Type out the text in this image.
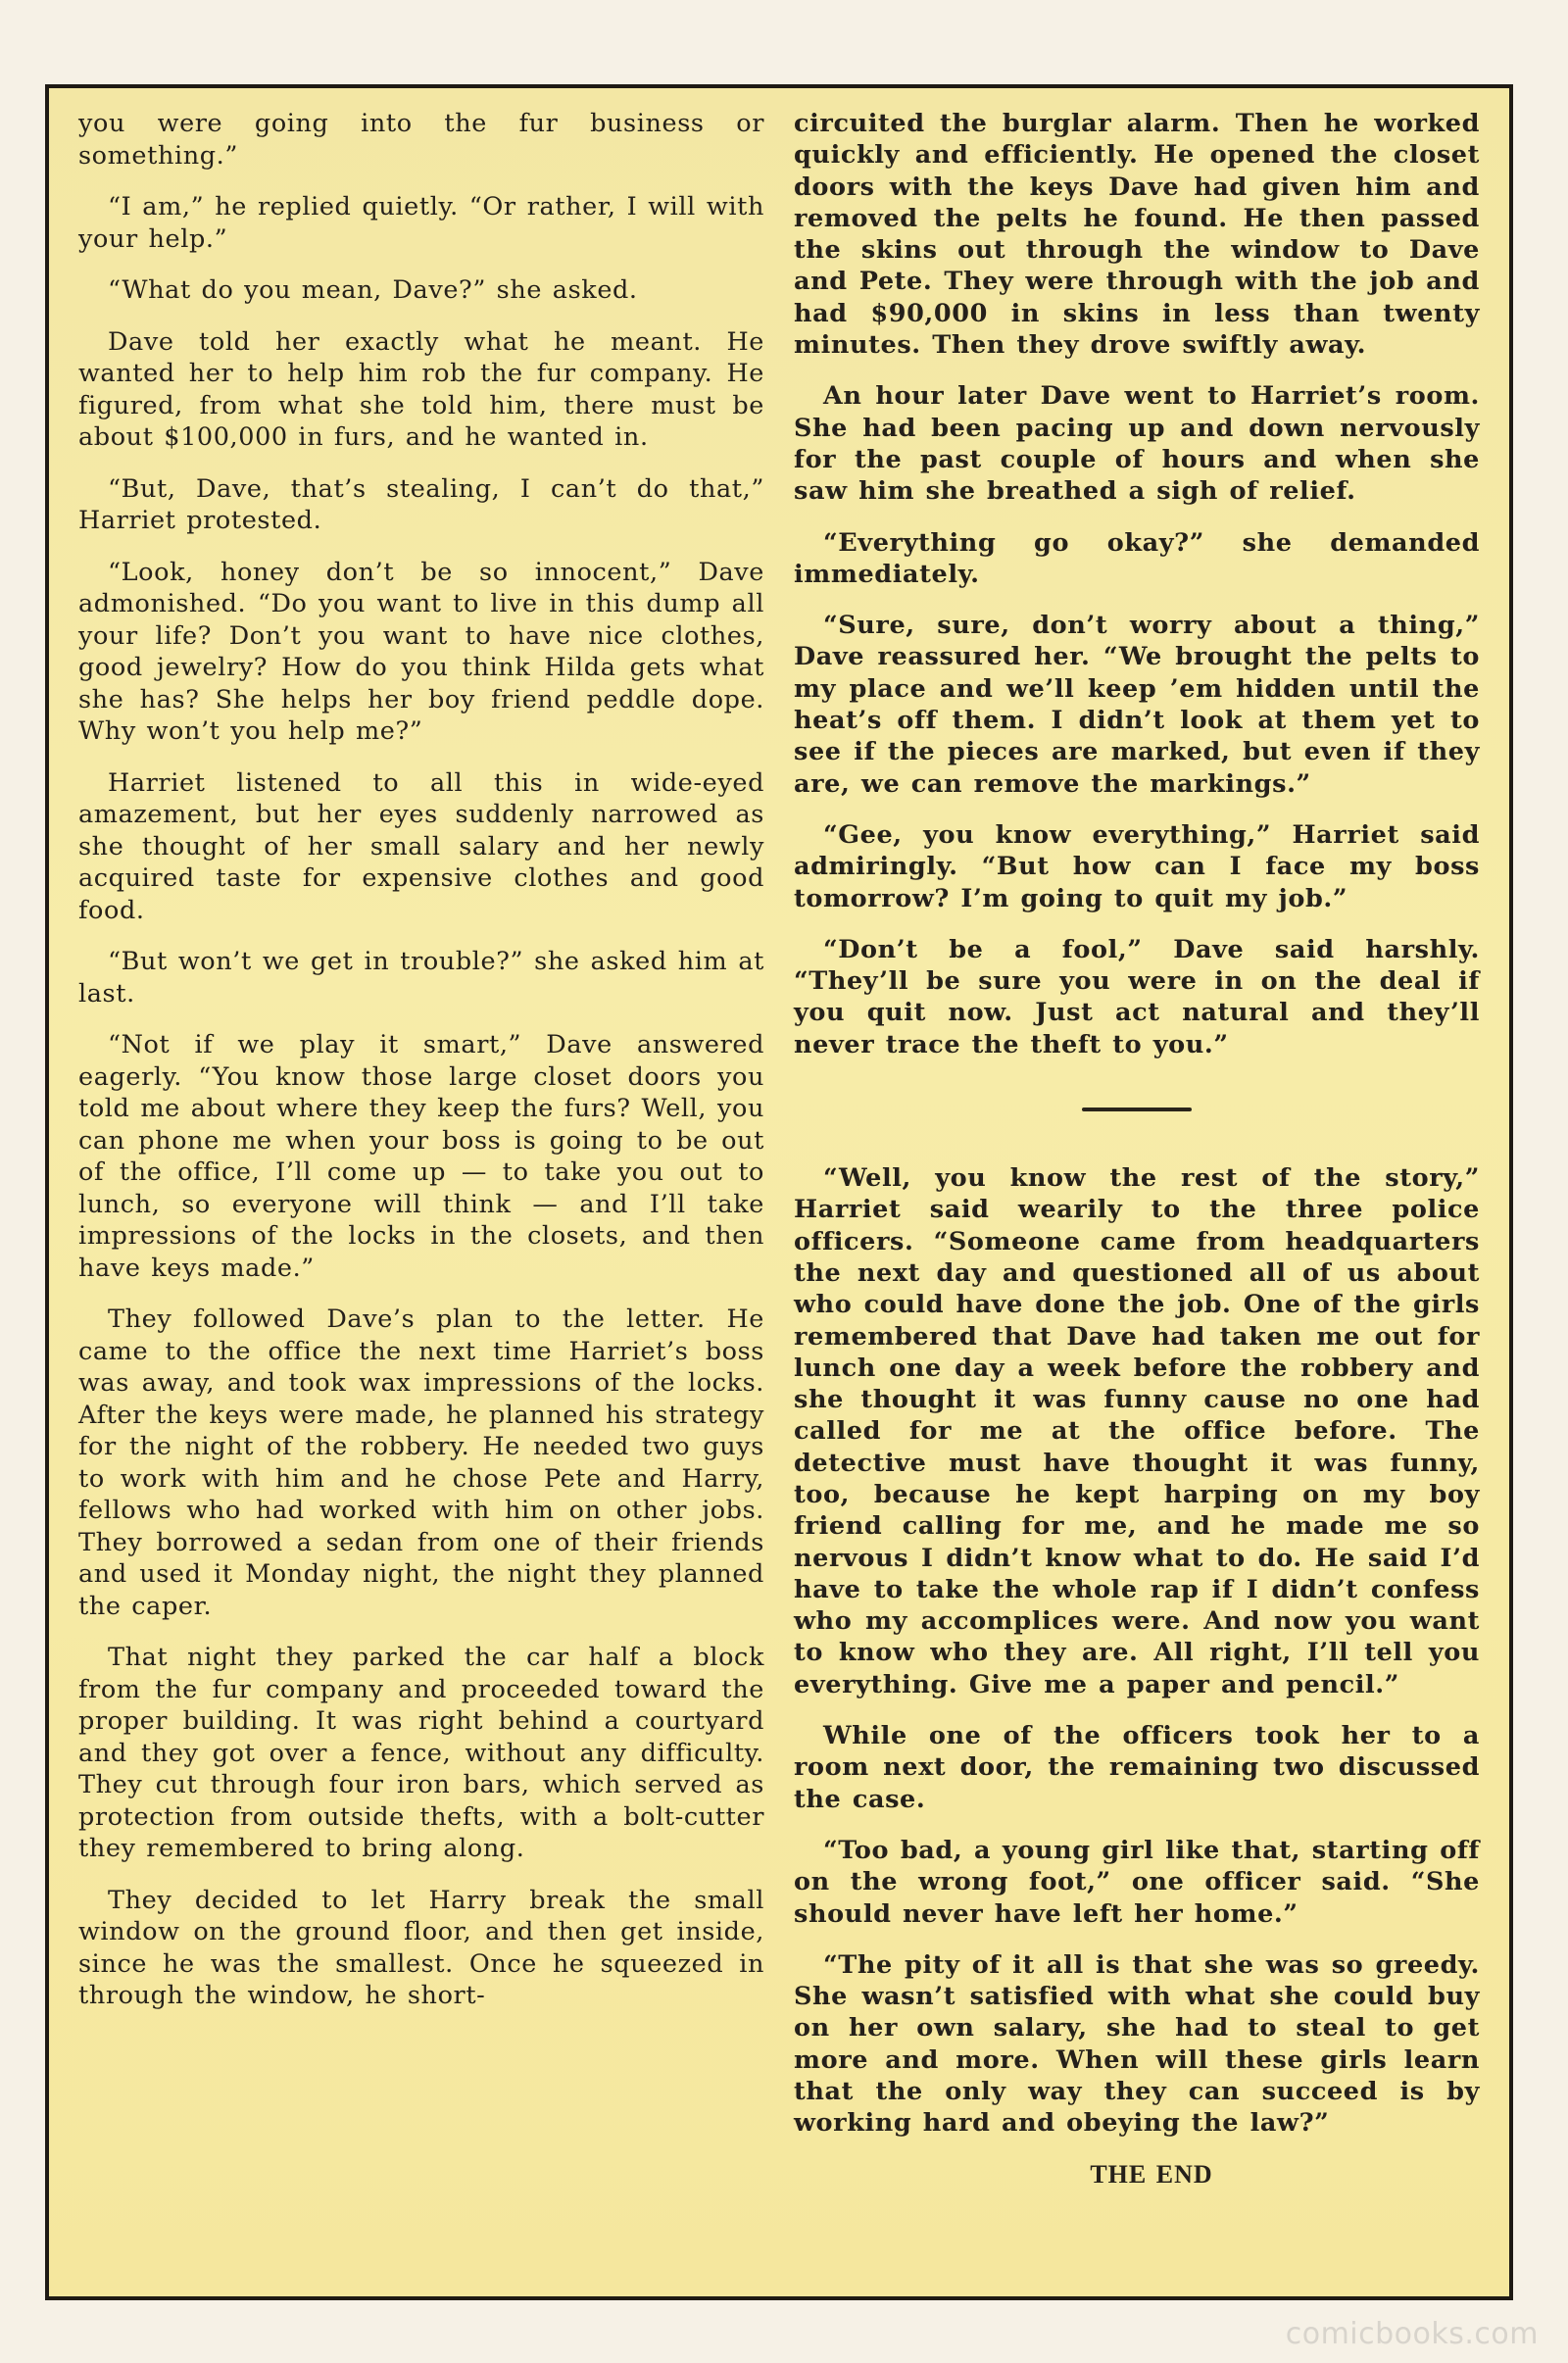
you were going into the fur business or something.”

“I am,” he replied quietly. “Or rather, I will with your help.”

“What do you mean, Dave?” she asked.

Dave told her exactly what he meant. He wanted her to help him rob the fur company. He figured, from what she told him, there must be about $100,000 in furs, and he wanted in.

“But, Dave, that’s stealing, I can’t do that,” Harriet protested.

“Look, honey don’t be so innocent,” Dave admonished. “Do you want to live in this dump all your life? Don’t you want to have nice clothes, good jewelry? How do you think Hilda gets what she has? She helps her boy friend peddle dope. Why won’t you help me?”

Harriet listened to all this in wide-eyed amazement, but her eyes suddenly narrowed as she thought of her small salary and her newly acquired taste for expensive clothes and good food.

“But won’t we get in trouble?” she asked him at last.

“Not if we play it smart,” Dave answered eagerly. “You know those large closet doors you told me about where they keep the furs? Well, you can phone me when your boss is going to be out of the office, I’ll come up — to take you out to lunch, so everyone will think — and I’ll take impressions of the locks in the closets, and then have keys made.”

They followed Dave’s plan to the letter. He came to the office the next time Harriet’s boss was away, and took wax impressions of the locks. After the keys were made, he planned his strategy for the night of the robbery. He needed two guys to work with him and he chose Pete and Harry, fellows who had worked with him on other jobs. They borrowed a sedan from one of their friends and used it Monday night, the night they planned the caper.

That night they parked the car half a block from the fur company and proceeded toward the proper building. It was right behind a courtyard and they got over a fence, without any difficulty. They cut through four iron bars, which served as protection from outside thefts, with a bolt-cutter they remembered to bring along.

They decided to let Harry break the small window on the ground floor, and then get inside, since he was the smallest. Once he squeezed in through the window, he short-

circuited the burglar alarm. Then he worked quickly and efficiently. He opened the closet doors with the keys Dave had given him and removed the pelts he found. He then passed the skins out through the window to Dave and Pete. They were through with the job and had $90,000 in skins in less than twenty minutes. Then they drove swiftly away.

An hour later Dave went to Harriet’s room. She had been pacing up and down nervously for the past couple of hours and when she saw him she breathed a sigh of relief.

“Everything go okay?” she demanded immediately.

“Sure, sure, don’t worry about a thing,” Dave reassured her. “We brought the pelts to my place and we’ll keep ’em hidden until the heat’s off them. I didn’t look at them yet to see if the pieces are marked, but even if they are, we can remove the markings.”

“Gee, you know everything,” Harriet said admiringly. “But how can I face my boss tomorrow? I’m going to quit my job.”

“Don’t be a fool,” Dave said harshly. “They’ll be sure you were in on the deal if you quit now. Just act natural and they’ll never trace the theft to you.”

“Well, you know the rest of the story,” Harriet said wearily to the three police officers. “Someone came from headquarters the next day and questioned all of us about who could have done the job. One of the girls remembered that Dave had taken me out for lunch one day a week before the robbery and she thought it was funny cause no one had called for me at the office before. The detective must have thought it was funny, too, because he kept harping on my boy friend calling for me, and he made me so nervous I didn’t know what to do. He said I’d have to take the whole rap if I didn’t confess who my accomplices were. And now you want to know who they are. All right, I’ll tell you everything. Give me a paper and pencil.”

While one of the officers took her to a room next door, the remaining two discussed the case.

“Too bad, a young girl like that, starting off on the wrong foot,” one officer said. “She should never have left her home.”

“The pity of it all is that she was so greedy. She wasn’t satisfied with what she could buy on her own salary, she had to steal to get more and more. When will these girls learn that the only way they can succeed is by working hard and obeying the law?”

THE END
comicbooks.com
